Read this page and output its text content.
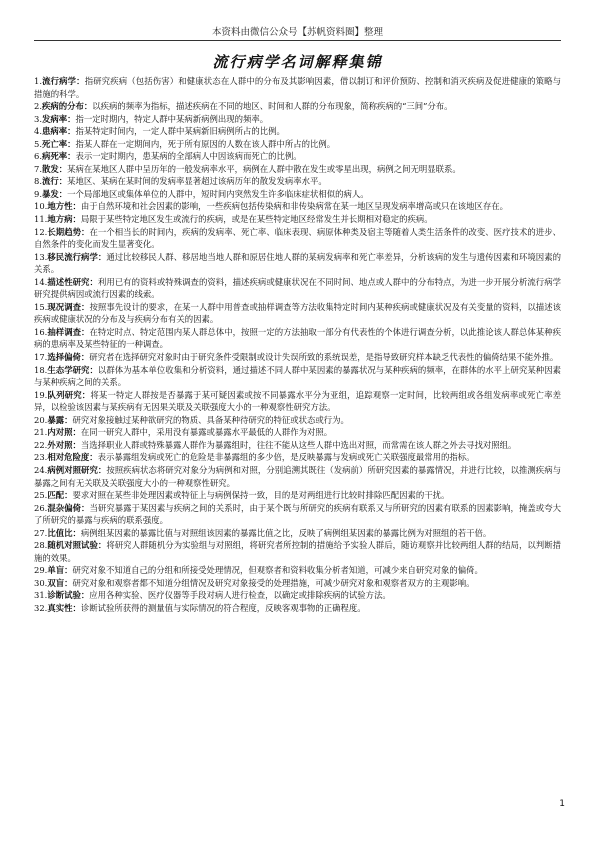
本资料由微信公众号【苏帆资料圈】整理
流行病学名词解释集锦

1.流行病学：指研究疾病（包括伤害）和健康状态在人群中的分布及其影响因素，借以制订和评价预防、控制和消灭疾病及促进健康的策略与措施的科学。

2.疾病的分布：以疾病的频率为指标，描述疾病在不同的地区、时间和人群的分布现象，简称疾病的“三间”分布。

3.发病率：指一定时期内，特定人群中某病新病例出现的频率。

4.患病率：指某特定时间内，一定人群中某病新旧病例所占的比例。

5.死亡率：指某人群在一定期间内，死于所有原因的人数在该人群中所占的比例。

6.病死率：表示一定时期内，患某病的全部病人中因该病而死亡的比例。

7.散发：某病在某地区人群中呈历年的一般发病率水平，病例在人群中散在发生或零星出现，病例之间无明显联系。

8.流行：某地区、某病在某时间的发病率显著超过该病历年的散发发病率水平。

9.暴发：一个局部地区或集体单位的人群中，短时间内突然发生许多临床症状相似的病人。

10.地方性：由于自然环境和社会因素的影响，一些疾病包括传染病和非传染病常在某一地区呈现发病率增高或只在该地区存在。

11.地方病：局限于某些特定地区发生或流行的疾病，或是在某些特定地区经常发生并长期相对稳定的疾病。

12.长期趋势：在一个相当长的时间内，疾病的发病率、死亡率、临床表现、病原体种类及宿主等随着人类生活条件的改变、医疗技术的进步、自然条件的变化而发生显著变化。

13.移民流行病学：通过比较移民人群、移居地当地人群和原居住地人群的某病发病率和死亡率差异，分析该病的发生与遗传因素和环境因素的关系。

14.描述性研究：利用已有的资料或特殊调查的资料，描述疾病或健康状况在不同时间、地点或人群中的分布特点，为进一步开展分析流行病学研究提供病因或流行因素的线索。

15.现况调查：按照事先设计的要求，在某一人群中用普查或抽样调查等方法收集特定时间内某种疾病或健康状况及有关变量的资料，以描述该疾病或健康状况的分布及与疾病分布有关的因素。

16.抽样调查：在特定时点、特定范围内某人群总体中，按照一定的方法抽取一部分有代表性的个体进行调查分析，以此推论该人群总体某种疾病的患病率及某些特征的一种调查。

17.选择偏倚：研究者在选择研究对象时由于研究条件受限制或设计失误所致的系统误差，是指导致研究样本缺乏代表性的偏倚结果不能外推。

18.生态学研究：以群体为基本单位收集和分析资料，通过描述不同人群中某因素的暴露状况与某种疾病的频率，在群体的水平上研究某种因素与某种疾病之间的关系。

19.队列研究：将某一特定人群按是否暴露于某可疑因素或按不同暴露水平分为亚组，追踪观察一定时间，比较两组或各组发病率或死亡率差异，以检验该因素与某疾病有无因果关联及关联强度大小的一种观察性研究方法。

20.暴露：研究对象接触过某种欲研究的物质、具备某种待研究的特征或状态或行为。

21.内对照：在同一研究人群中，采用没有暴露或暴露水平最低的人群作为对照。

22.外对照：当选择职业人群或特殊暴露人群作为暴露组时，往往不能从这些人群中选出对照，而常需在该人群之外去寻找对照组。

23.相对危险度：表示暴露组发病或死亡的危险是非暴露组的多少倍，是反映暴露与发病或死亡关联强度最常用的指标。

24.病例对照研究：按照疾病状态将研究对象分为病例和对照，分别追溯其既往（发病前）所研究因素的暴露情况，并进行比较，以推测疾病与暴露之间有无关联及关联强度大小的一种观察性研究。

25.匹配：要求对照在某些非处理因素或特征上与病例保持一致，目的是对两组进行比较时排除匹配因素的干扰。

26.混杂偏倚：当研究暴露于某因素与疾病之间的关系时，由于某个既与所研究的疾病有联系又与所研究的因素有联系的因素影响，掩盖或夸大了所研究的暴露与疾病的联系强度。

27.比值比：病例组某因素的暴露比值与对照组该因素的暴露比值之比，反映了病例组某因素的暴露比例为对照组的若干倍。

28.随机对照试验：将研究人群随机分为实验组与对照组，将研究者所控制的措施给予实验人群后，随访观察并比较两组人群的结局，以判断措施的效果。

29.单盲：研究对象不知道自己的分组和所接受处理情况，但观察者和资料收集分析者知道，可减少来自研究对象的偏倚。

30.双盲：研究对象和观察者都不知道分组情况及研究对象接受的处理措施，可减少研究对象和观察者双方的主观影响。

31.诊断试验：应用各种实验、医疗仪器等手段对病人进行检查，以确定或排除疾病的试验方法。

32.真实性：诊断试验所获得的测量值与实际情况的符合程度，反映客观事物的正确程度。

1
